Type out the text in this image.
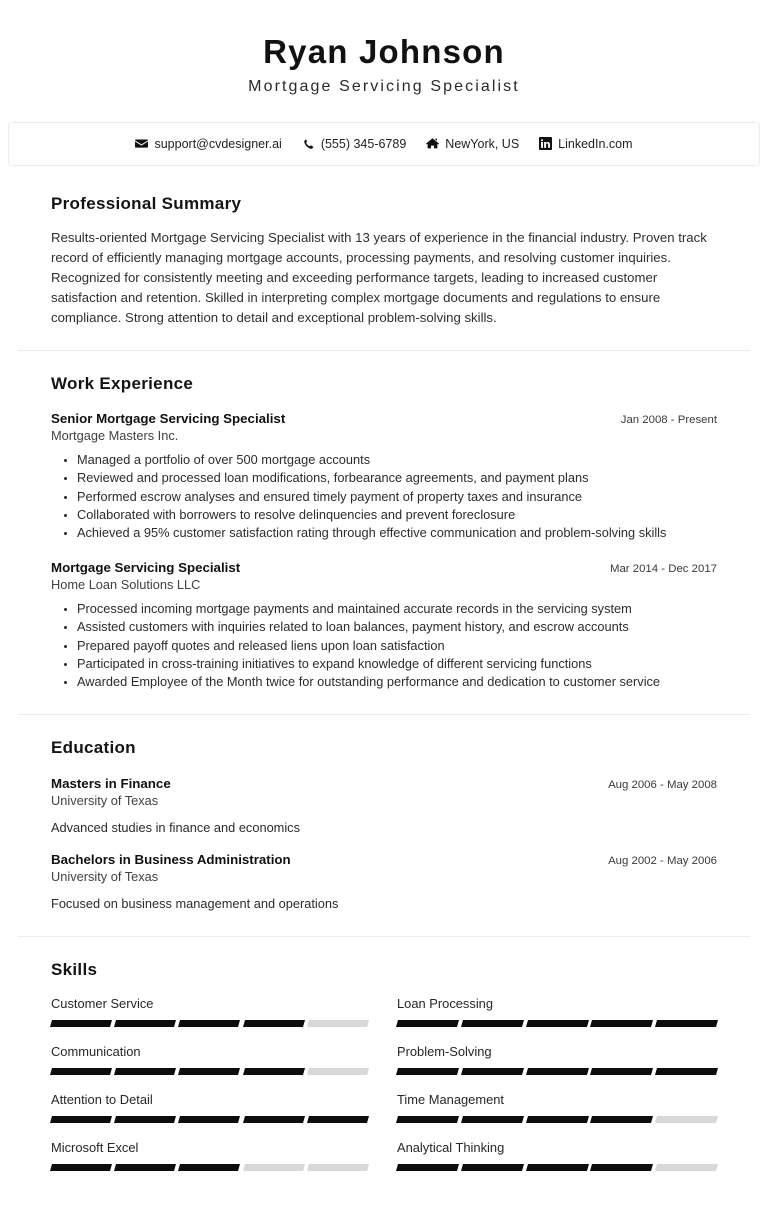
Ryan Johnson
Mortgage Servicing Specialist
support@cvdesigner.ai	(555) 345-6789	NewYork, US	LinkedIn.com
Professional Summary

Results-oriented Mortgage Servicing Specialist with 13 years of experience in the financial industry. Proven track record of efficiently managing mortgage accounts, processing payments, and resolving customer inquiries. Recognized for consistently meeting and exceeding performance targets, leading to increased customer satisfaction and retention. Skilled in interpreting complex mortgage documents and regulations to ensure compliance. Strong attention to detail and exceptional problem-solving skills.

Work Experience
Senior Mortgage Servicing Specialist	Jan 2008 - Present
Mortgage Masters Inc.
• Managed a portfolio of over 500 mortgage accounts
• Reviewed and processed loan modifications, forbearance agreements, and payment plans
• Performed escrow analyses and ensured timely payment of property taxes and insurance
• Collaborated with borrowers to resolve delinquencies and prevent foreclosure
• Achieved a 95% customer satisfaction rating through effective communication and problem-solving skills
Mortgage Servicing Specialist	Mar 2014 - Dec 2017
Home Loan Solutions LLC
• Processed incoming mortgage payments and maintained accurate records in the servicing system
• Assisted customers with inquiries related to loan balances, payment history, and escrow accounts
• Prepared payoff quotes and released liens upon loan satisfaction
• Participated in cross-training initiatives to expand knowledge of different servicing functions
• Awarded Employee of the Month twice for outstanding performance and dedication to customer service
Education
Masters in Finance	Aug 2006 - May 2008
University of Texas
Advanced studies in finance and economics
Bachelors in Business Administration	Aug 2002 - May 2006
University of Texas
Focused on business management and operations
Skills
Customer Service	Loan Processing
Communication	Problem-Solving
Attention to Detail	Time Management
Microsoft Excel	Analytical Thinking
